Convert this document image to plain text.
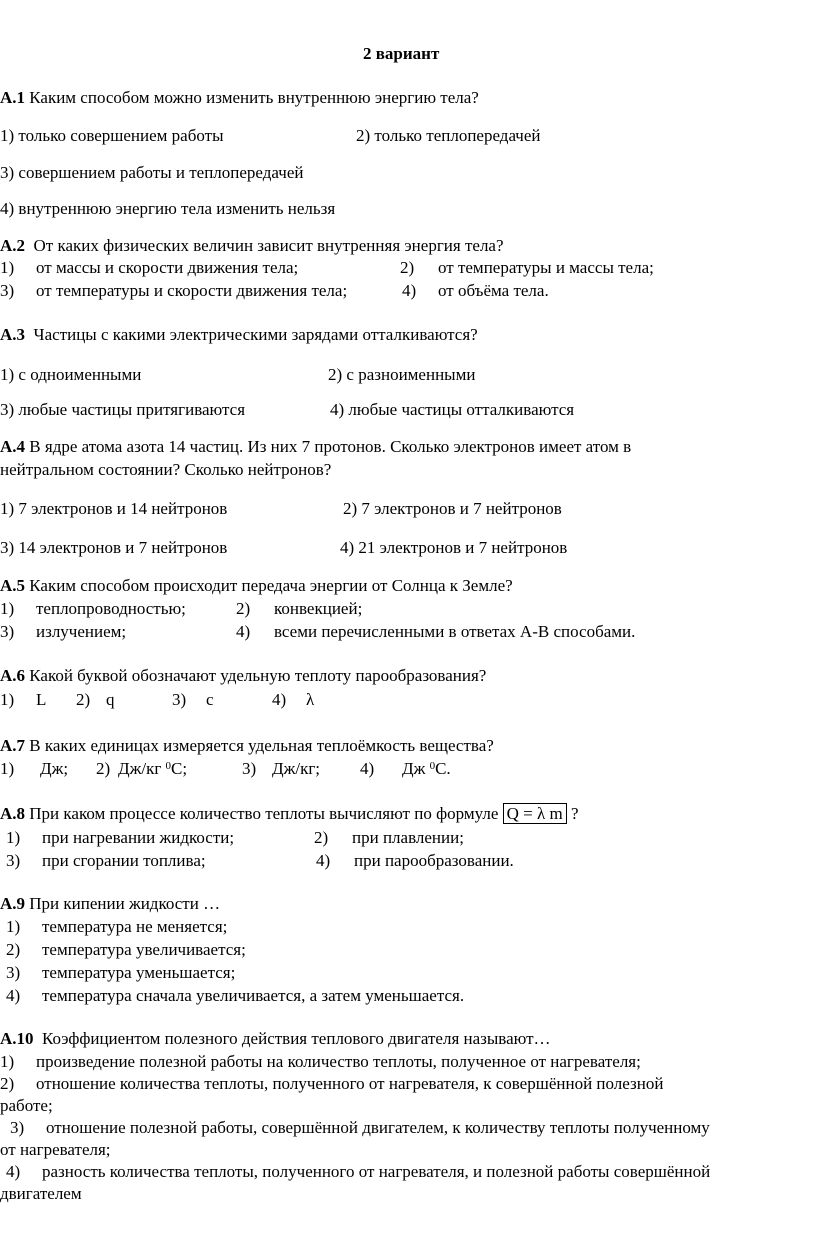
2 вариант
А.1 Каким способом можно изменить внутреннюю энергию тела?
1) только совершением работы	2) только теплопередачей
3) совершением работы и теплопередачей
4) внутреннюю энергию тела изменить нельзя
А.2 От каких физических величин зависит внутренняя энергия тела?
1) от массы и скорости движения тела;	2) от температуры и массы тела;
3) от температуры и скорости движения тела;	4) от объёма тела.
А.3 Частицы с какими электрическими зарядами отталкиваются?
1) с одноименными	2) с разноименными
3) любые частицы притягиваются	4) любые частицы отталкиваются
А.4 В ядре атома азота 14 частиц. Из них 7 протонов. Сколько электронов имеет атом в
нейтральном состоянии? Сколько нейтронов?
1) 7 электронов и 14 нейтронов	2) 7 электронов и 7 нейтронов
3) 14 электронов и 7 нейтронов	4) 21 электронов и 7 нейтронов
А.5 Каким способом происходит передача энергии от Солнца к Земле?
1) теплопроводностью;	2) конвекцией;
3) излучением;	4) всеми перечисленными в ответах А-В способами.
А.6 Какой буквой обозначают удельную теплоту парообразования?
1) L 2) q	3) c	4) λ
А.7 В каких единицах измеряется удельная теплоёмкость вещества?
1) Дж; 2) Дж/кг $^0$С;	3) Дж/кг; 4) Дж $^0$С.
А.8 При каком процессе количество теплоты вычисляют по формуле Q = λ m ?
1) при нагревании жидкости;	2) при плавлении;
3) при сгорании топлива;	4) при парообразовании.
А.9 При кипении жидкости …
1) температура не меняется;
2) температура увеличивается;
3) температура уменьшается;
4) температура сначала увеличивается, а затем уменьшается.
А.10 Коэффициентом полезного действия теплового двигателя называют…
1) произведение полезной работы на количество теплоты, полученное от нагревателя;
2) отношение количества теплоты, полученного от нагревателя, к совершённой полезной
работе;
3) отношение полезной работы, совершённой двигателем, к количеству теплоты полученному
от нагревателя;
4) разность количества теплоты, полученного от нагревателя, и полезной работы совершённой
двигателем
